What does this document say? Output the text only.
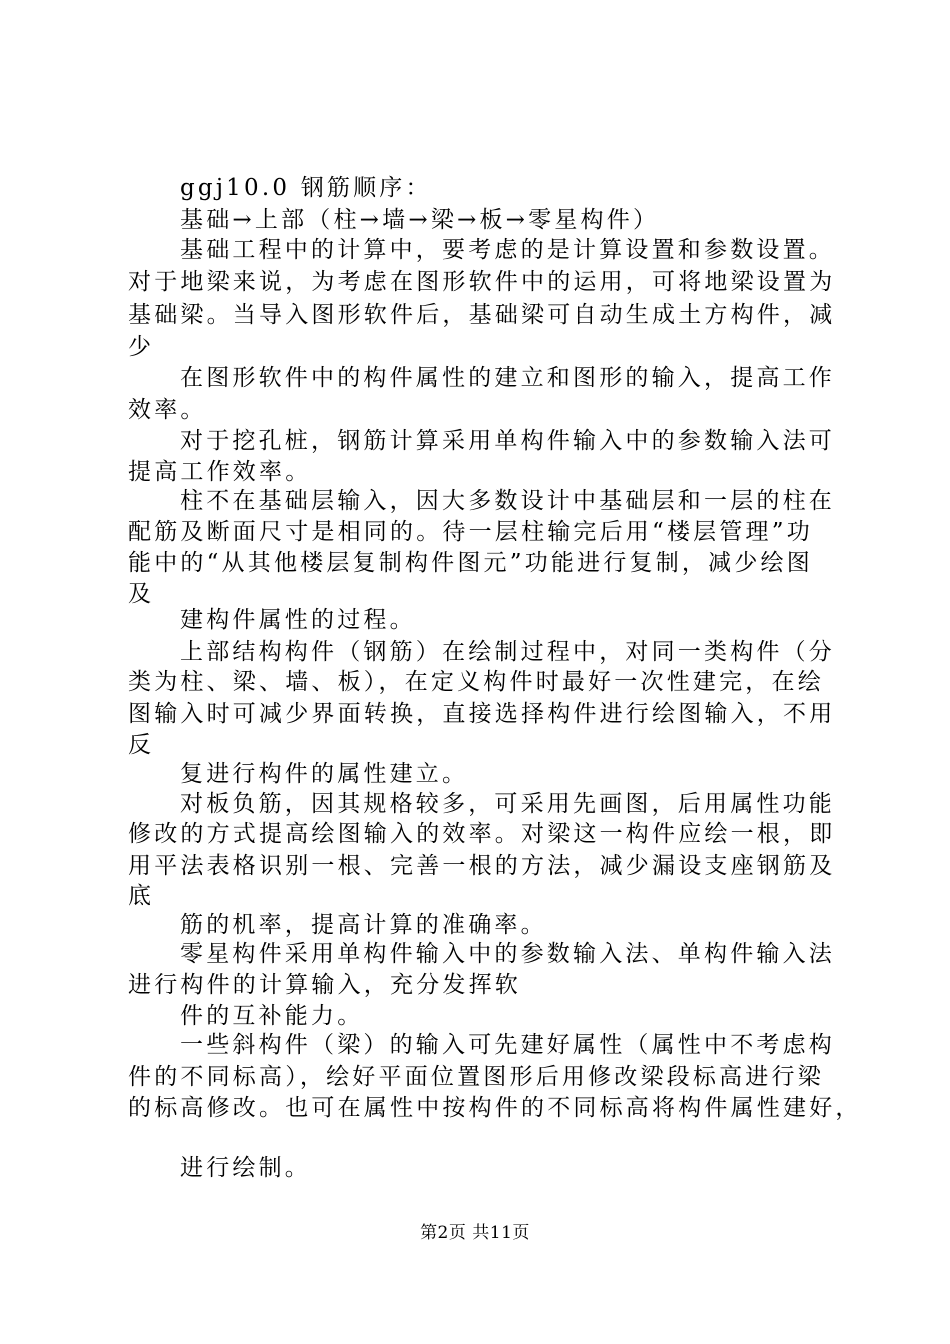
ggj10.0 钢筋顺序：
基础→上部（柱→墙→梁→板→零星构件）
基础工程中的计算中，要考虑的是计算设置和参数设置。
对于地梁来说，为考虑在图形软件中的运用，可将地梁设置为
基础梁。当导入图形软件后，基础梁可自动生成土方构件，减
少
在图形软件中的构件属性的建立和图形的输入，提高工作
效率。
对于挖孔桩，钢筋计算采用单构件输入中的参数输入法可
提高工作效率。
柱不在基础层输入，因大多数设计中基础层和一层的柱在
配筋及断面尺寸是相同的。待一层柱输完后用“楼层管理”功
能中的“从其他楼层复制构件图元”功能进行复制，减少绘图
及
建构件属性的过程。
上部结构构件（钢筋）在绘制过程中，对同一类构件（分
类为柱、梁、墙、板），在定义构件时最好一次性建完，在绘
图输入时可减少界面转换，直接选择构件进行绘图输入，不用
反
复进行构件的属性建立。
对板负筋，因其规格较多，可采用先画图，后用属性功能
修改的方式提高绘图输入的效率。对梁这一构件应绘一根，即
用平法表格识别一根、完善一根的方法，减少漏设支座钢筋及
底
筋的机率，提高计算的准确率。
零星构件采用单构件输入中的参数输入法、单构件输入法
进行构件的计算输入，充分发挥软
件的互补能力。
一些斜构件（梁）的输入可先建好属性（属性中不考虑构
件的不同标高），绘好平面位置图形后用修改梁段标高进行梁
的标高修改。也可在属性中按构件的不同标高将构件属性建好，
进行绘制。
第2页 共11页
